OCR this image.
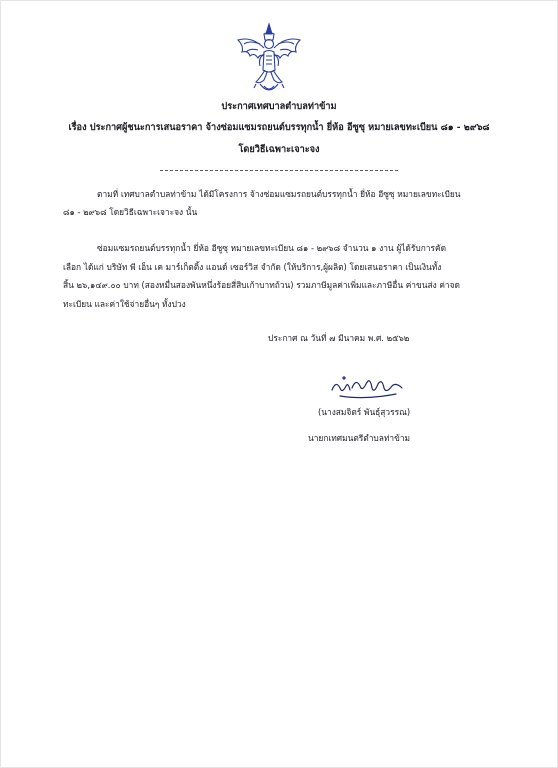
ประกาศเทศบาลตำบลท่าข้าม
เรื่อง ประกาศผู้ชนะการเสนอราคา จ้างซ่อมแซมรถยนต์บรรทุกน้ำ ยี่ห้อ อีซูซุ หมายเลขทะเบียน ๘๑ - ๒๙๖๘
โดยวิธีเฉพาะเจาะจง
ตามที่ เทศบาลตำบลท่าข้าม ได้มีโครงการ จ้างซ่อมแซมรถยนต์บรรทุกน้ำ ยี่ห้อ อีซูซุ หมายเลขทะเบียน
๘๑ - ๒๙๖๘ โดยวิธีเฉพาะเจาะจง นั้น
ซ่อมแซมรถยนต์บรรทุกน้ำ ยี่ห้อ อีซูซุ หมายเลขทะเบียน ๘๑ - ๒๙๖๘ จำนวน ๑ งาน ผู้ได้รับการคัด
เลือก ได้แก่ บริษัท พี เอ็น เค มาร์เก็ตติ้ง แอนด์ เซอร์วิส จำกัด (ให้บริการ,ผู้ผลิต) โดยเสนอราคา เป็นเงินทั้ง
สิ้น ๒๖,๑๔๙.๐๐ บาท (สองหมื่นสองพันหนึ่งร้อยสี่สิบเก้าบาทถ้วน) รวมภาษีมูลค่าเพิ่มและภาษีอื่น ค่าขนส่ง ค่าจด
ทะเบียน และค่าใช้จ่ายอื่นๆ ทั้งปวง
ประกาศ ณ วันที่ ๗ มีนาคม พ.ศ. ๒๕๖๒
(นางสมจิตร์ พันธุ์สุวรรณ)
นายกเทศมนตรีตำบลท่าข้าม
